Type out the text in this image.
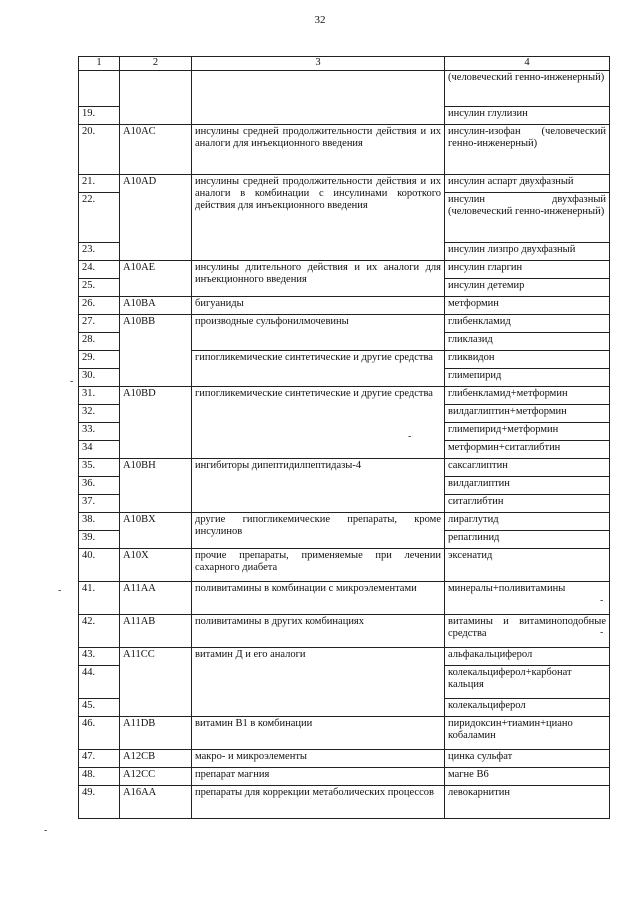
32
-
-
-
-
-
-
1	2	3	4
			(человеческий генно-инженерный)
19.			инсулин глулизин
20.	A10AC	инсулины средней продолжительности действия и их аналоги для инъекционного введения	инсулин-изофан (человеческий генно-инженерный)
21.	A10AD	инсулины средней продолжительности действия и их аналоги в комбинации с инсулинами короткого действия для инъекционного введения	инсулин аспарт двухфазный
22.			инсулин двухфазный (человеческий генно-инженерный)
23.			инсулин лизпро двухфазный
24.	A10AE	инсулины длительного действия и их аналоги для инъекционного введения	инсулин гларгин
25.			инсулин детемир
26.	A10BA	бигуаниды	метформин
27.	A10BB	производные сульфонилмочевины	глибенкламид
28.			гликлазид
29.		гипогликемические синтетические и другие средства	гликвидон
30.			глимепирид
31.	A10BD	гипогликемические синтетические и другие средства	глибенкламид+метформин
32.			вилдаглиптин+метформин
33.			глимепирид+метформин
34			метформин+ситаглибтин
35.	A10BH	ингибиторы дипептидилпептидазы-4	саксаглиптин
36.			вилдаглиптин
37.			ситаглибтин
38.	A10BX	другие гипогликемические препараты, кроме инсулинов	лираглутид
39.			репаглинид
40.	A10X	прочие препараты, применяемые при лечении сахарного диабета	эксенатид
41.	A11AA	поливитамины в комбинации с микроэлементами	минералы+поливитамины
42.	A11AB	поливитамины в других комбинациях	витамины и витаминоподобные средства
43.	A11CC	витамин Д и его аналоги	альфакальциферол
44.			колекальциферол+карбонат кальция
45.			колекальциферол
46.	A11DB	витамин B1 в комбинации	пиридоксин+тиамин+циано кобаламин
47.	A12CB	макро- и микроэлементы	цинка сульфат
48.	A12CC	препарат магния	магне B6
49.	A16AA	препараты для коррекции метаболических процессов	левокарнитин
